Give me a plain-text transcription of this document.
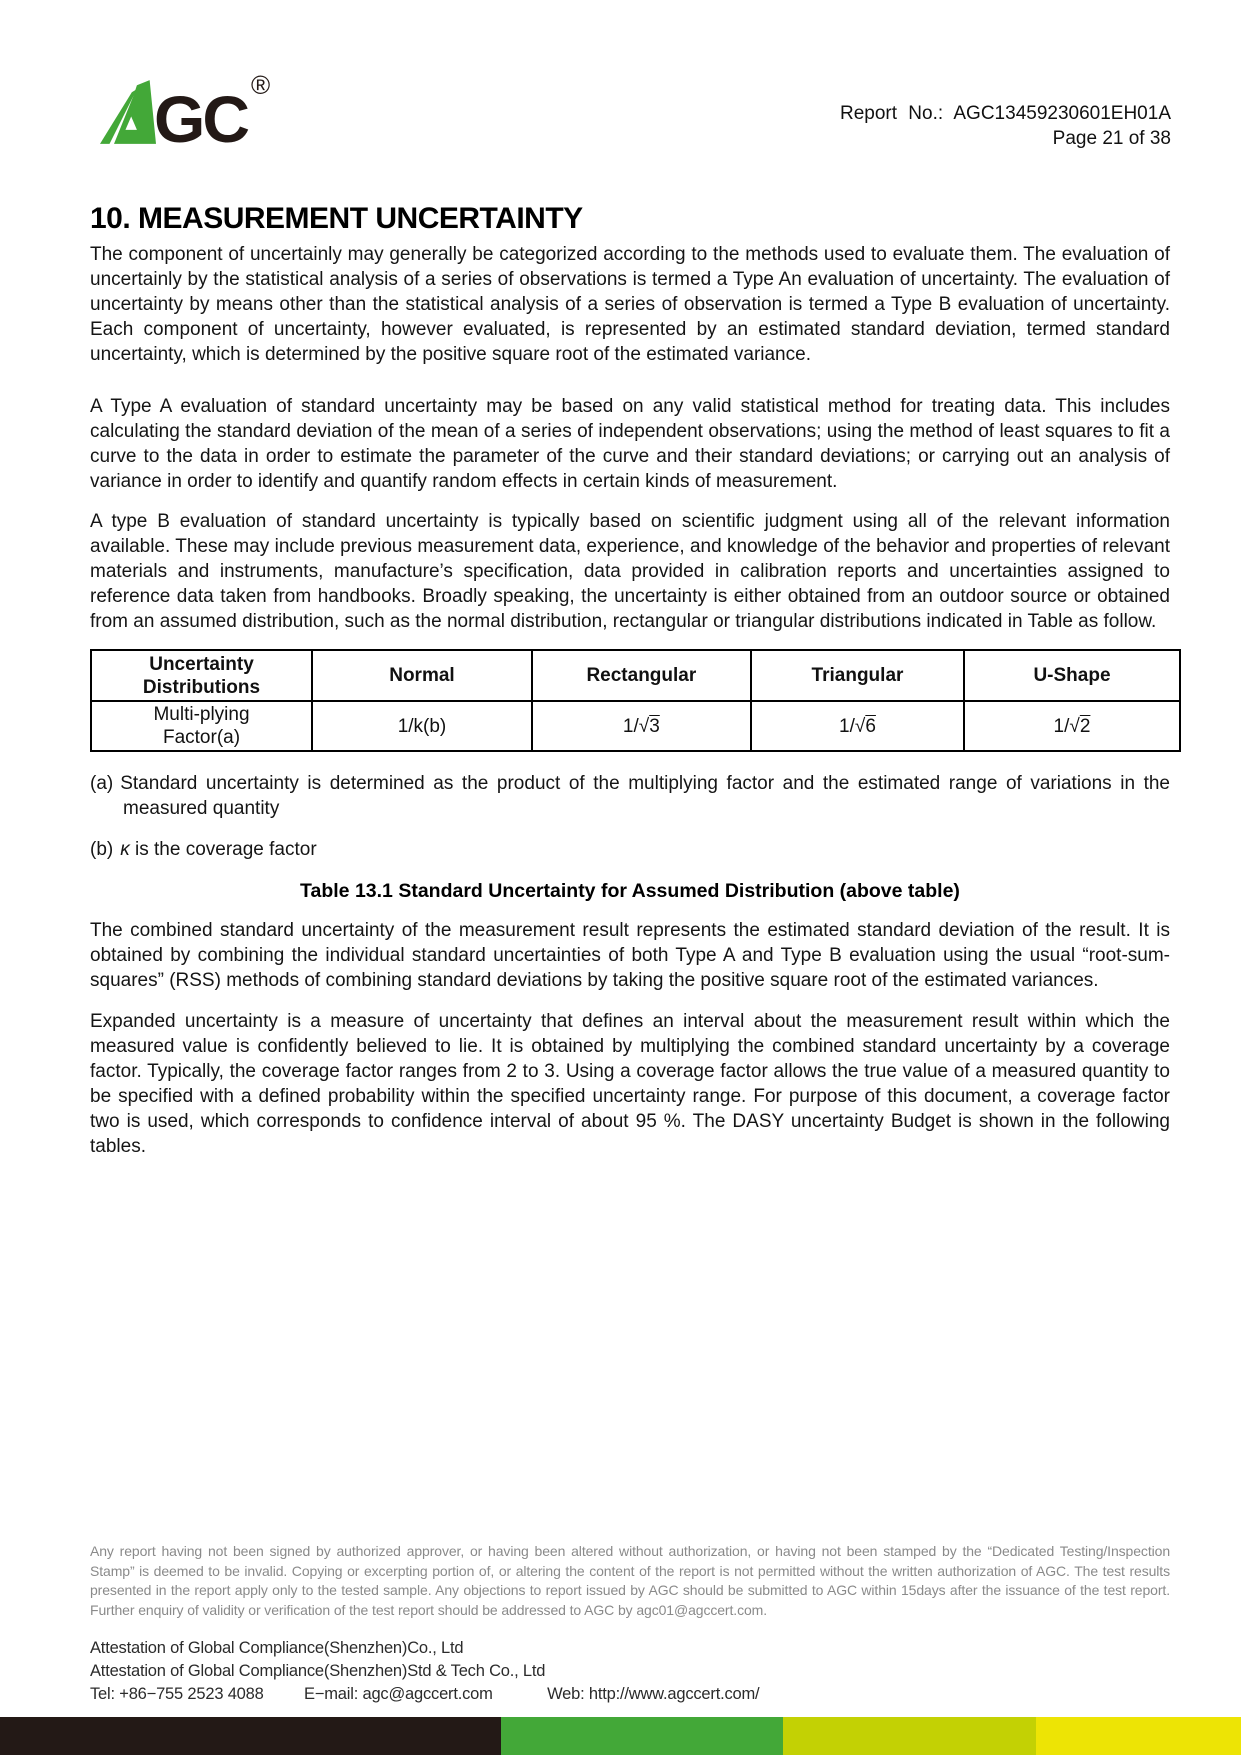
GC ®
Report No.: AGC13459230601EH01A
Page 21 of 38
10. MEASUREMENT UNCERTAINTY

The component of uncertainly may generally be categorized according to the methods used to evaluate them. The evaluation of uncertainly by the statistical analysis of a series of observations is termed a Type An evaluation of uncertainty. The evaluation of uncertainty by means other than the statistical analysis of a series of observation is termed a Type B evaluation of uncertainty. Each component of uncertainty, however evaluated, is represented by an estimated standard deviation, termed standard uncertainty, which is determined by the positive square root of the estimated variance.

A Type A evaluation of standard uncertainty may be based on any valid statistical method for treating data. This includes calculating the standard deviation of the mean of a series of independent observations; using the method of least squares to fit a curve to the data in order to estimate the parameter of the curve and their standard deviations; or carrying out an analysis of variance in order to identify and quantify random effects in certain kinds of measurement.

A type B evaluation of standard uncertainty is typically based on scientific judgment using all of the relevant information available. These may include previous measurement data, experience, and knowledge of the behavior and properties of relevant materials and instruments, manufacture’s specification, data provided in calibration reports and uncertainties assigned to reference data taken from handbooks. Broadly speaking, the uncertainty is either obtained from an outdoor source or obtained from an assumed distribution, such as the normal distribution, rectangular or triangular distributions indicated in Table as follow.

Uncertainty Distributions	Normal	Rectangular	Triangular	U-Shape

Multi-plying
Factor(a)	1/k(b)	1/√3	1/√6	1/√2

(a) Standard uncertainty is determined as the product of the multiplying factor and the estimated range of variations in the measured quantity

(b) κ is the coverage factor

Table 13.1 Standard Uncertainty for Assumed Distribution (above table)

The combined standard uncertainty of the measurement result represents the estimated standard deviation of the result. It is obtained by combining the individual standard uncertainties of both Type A and Type B evaluation using the usual “root-sum-squares” (RSS) methods of combining standard deviations by taking the positive square root of the estimated variances.

Expanded uncertainty is a measure of uncertainty that defines an interval about the measurement result within which the measured value is confidently believed to lie. It is obtained by multiplying the combined standard uncertainty by a coverage factor. Typically, the coverage factor ranges from 2 to 3. Using a coverage factor allows the true value of a measured quantity to be specified with a defined probability within the specified uncertainty range. For purpose of this document, a coverage factor two is used, which corresponds to confidence interval of about 95 %. The DASY uncertainty Budget is shown in the following tables.

Any report having not been signed by authorized approver, or having been altered without authorization, or having not been stamped by the “Dedicated Testing/Inspection Stamp” is deemed to be invalid. Copying or excerpting portion of, or altering the content of the report is not permitted without the written authorization of AGC. The test results presented in the report apply only to the tested sample. Any objections to report issued by AGC should be submitted to AGC within 15days after the issuance of the test report. Further enquiry of validity or verification of the test report should be addressed to AGC by agc01@agccert.com.

Attestation of Global Compliance(Shenzhen)Co., Ltd
Attestation of Global Compliance(Shenzhen)Std & Tech Co., Ltd
Tel: +86−755 2523 4088 E−mail: agc@agccert.com	Web: http://www.agccert.com/
